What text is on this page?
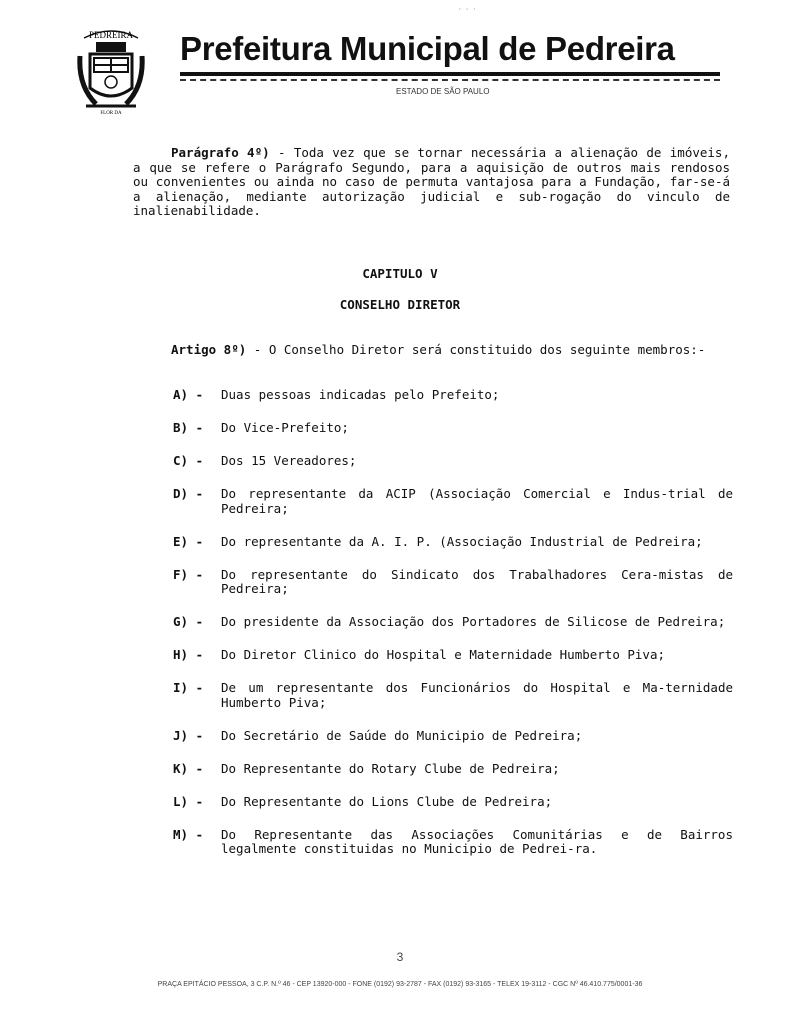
· · ·
PEDREIRA
FLOR DA
Prefeitura Municipal de Pedreira
ESTADO DE SÃO PAULO
Parágrafo 4º) - Toda vez que se tornar necessária a alienação de imóveis, a que se refere o Parágrafo Segundo, para a aquisição de outros mais rendosos ou convenientes ou ainda no caso de permuta vantajosa para a Fundação, far-se-á a alienação, mediante autorização judicial e sub-rogação do vinculo de inalienabilidade.
CAPITULO V
CONSELHO DIRETOR
Artigo 8º) - O Conselho Diretor será constituido dos seguinte membros:-
A) -	Duas pessoas indicadas pelo Prefeito;
B) -	Do Vice-Prefeito;
C) -	Dos 15 Vereadores;
D) -	Do representante da ACIP (Associação Comercial e Indus-trial de Pedreira;
E) -	Do representante da A. I. P. (Associação Industrial de Pedreira;
F) -	Do representante do Sindicato dos Trabalhadores Cera-mistas de Pedreira;
G) -	Do presidente da Associação dos Portadores de Silicose de Pedreira;
H) -	Do Diretor Clinico do Hospital e Maternidade Humberto Piva;
I) -	De um representante dos Funcionários do Hospital e Ma-ternidade Humberto Piva;
J) -	Do Secretário de Saúde do Municipio de Pedreira;
K) -	Do Representante do Rotary Clube de Pedreira;
L) -	Do Representante do Lions Clube de Pedreira;
M) -	Do Representante das Associações Comunitárias e de Bairros legalmente constituidas no Municipio de Pedrei-ra.
3
PRAÇA EPITÁCIO PESSOA, 3 C.P. N.º 46 - CEP 13920-000 - FONE (0192) 93-2787 - FAX (0192) 93-3165 - TELEX 19-3112 - CGC Nº 46.410.775/0001-36
